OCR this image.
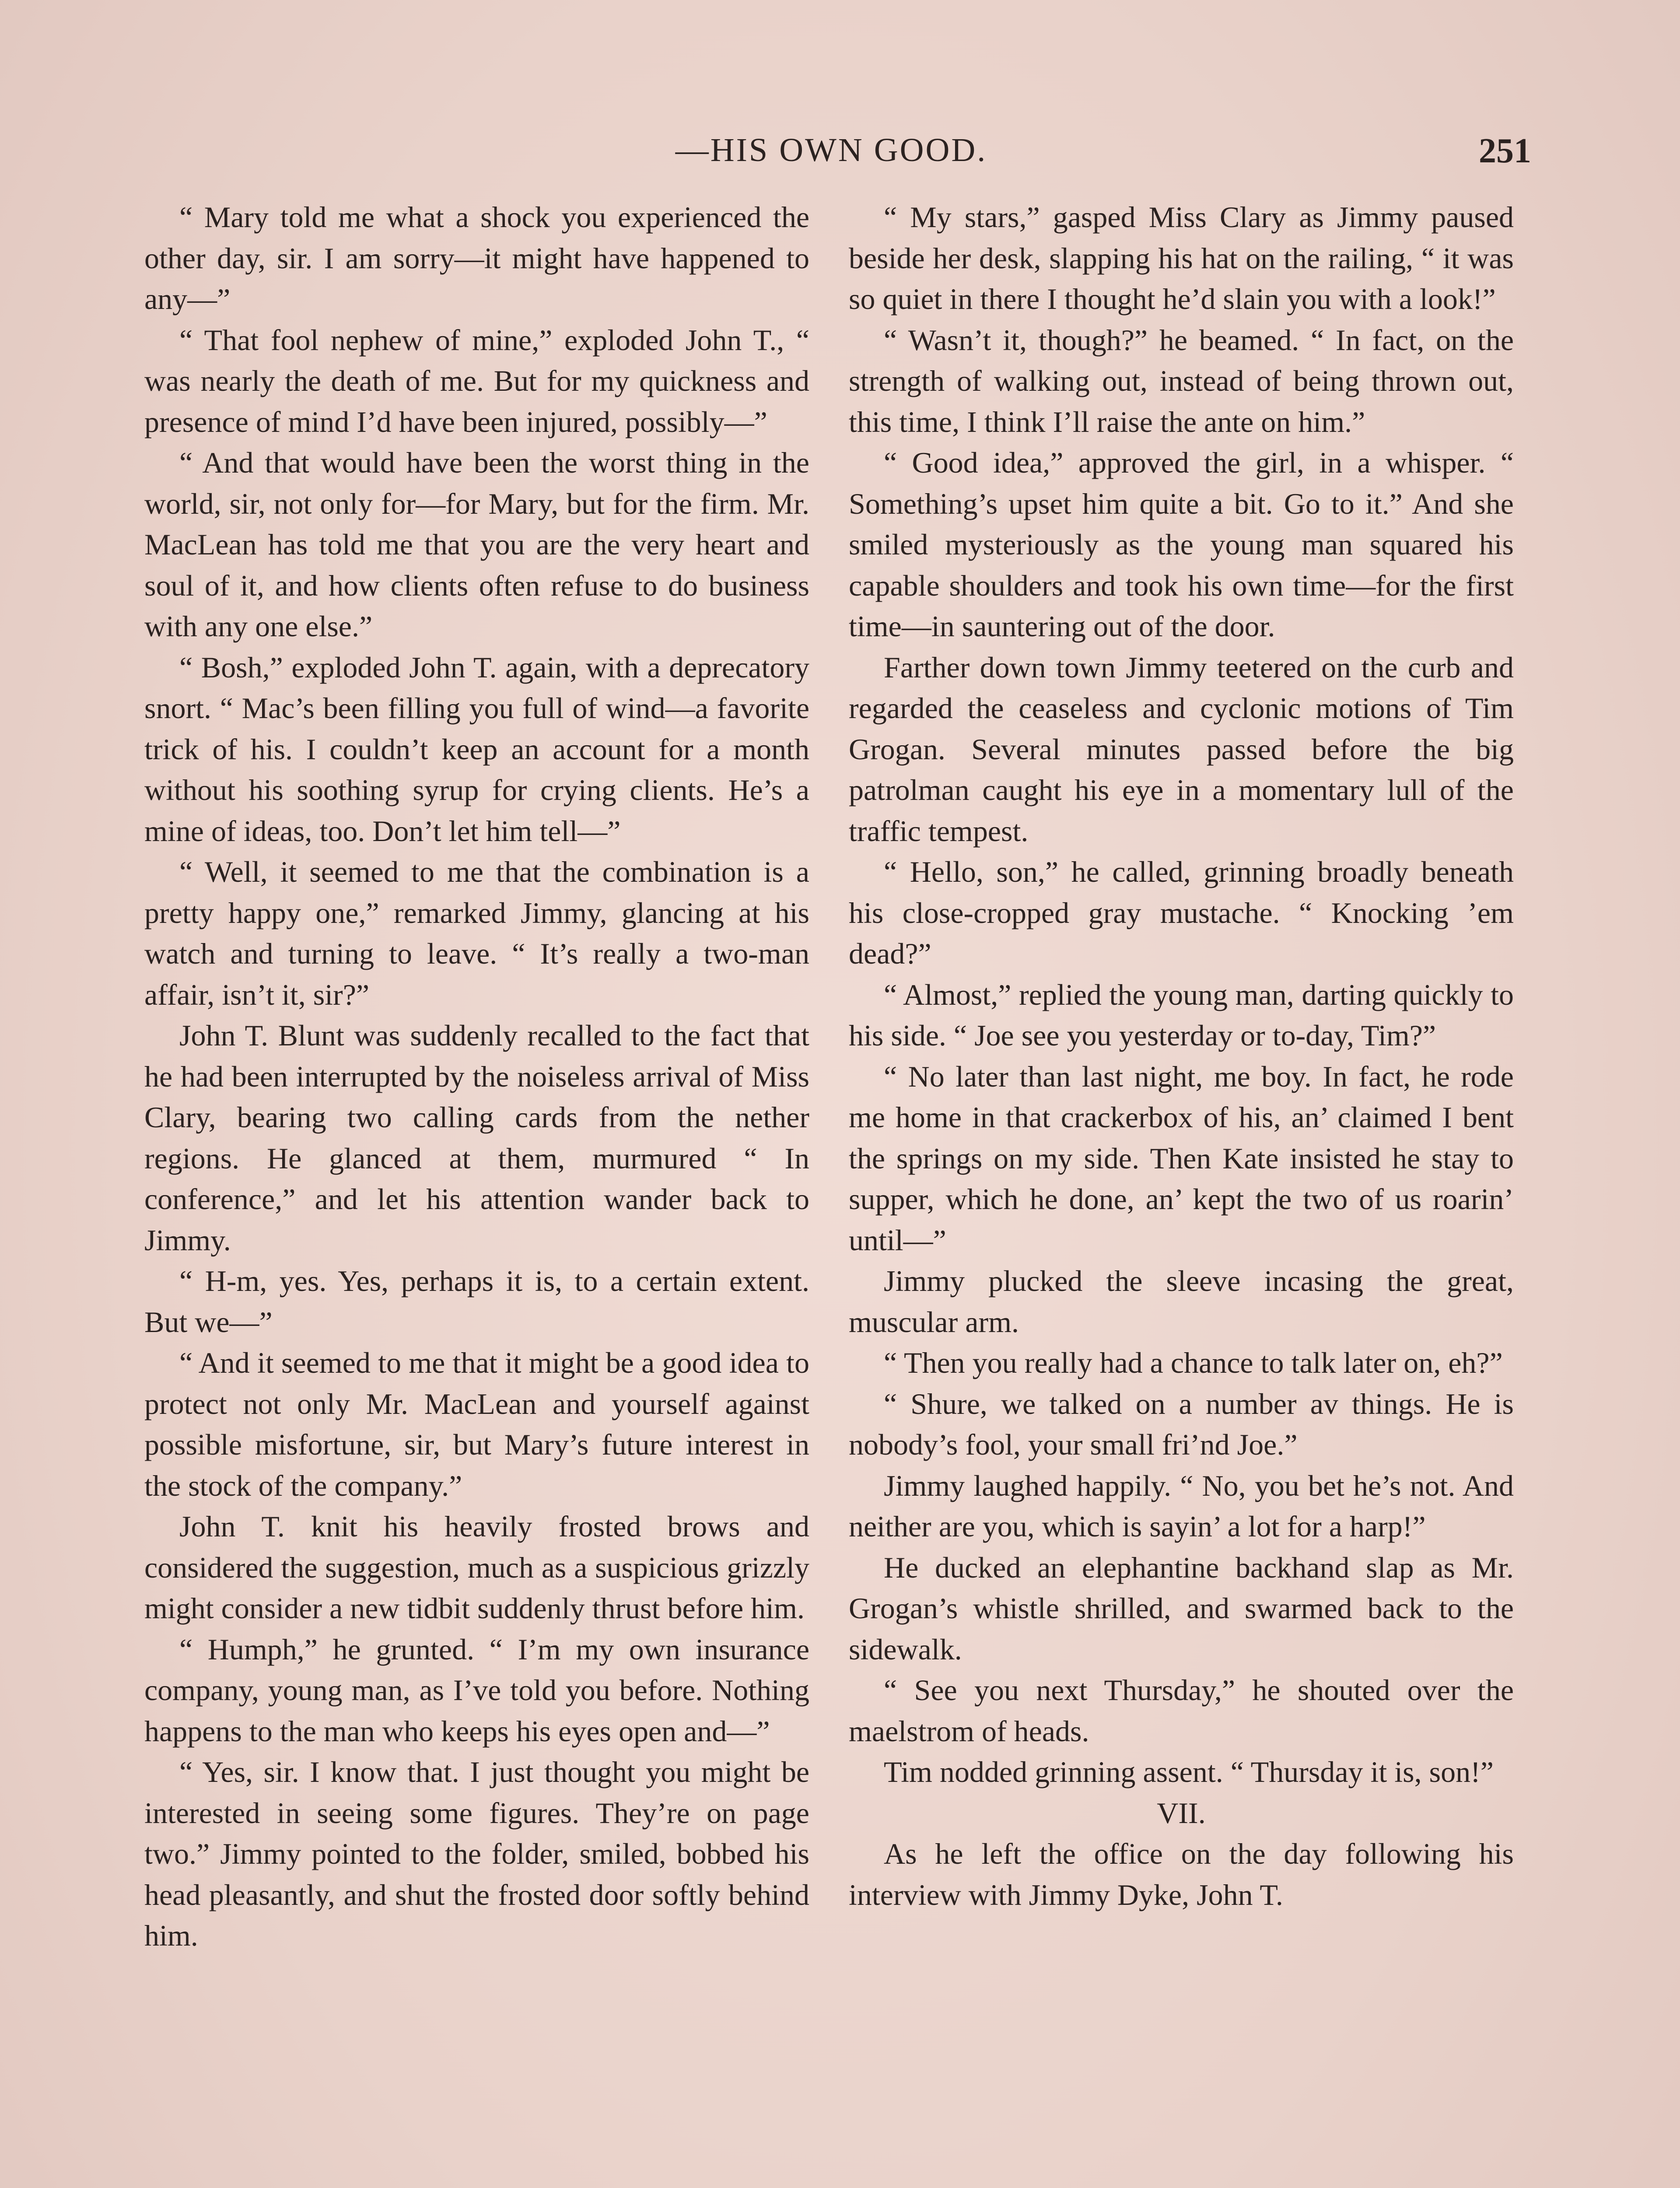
—HIS OWN GOOD.	251

“ Mary told me what a shock you experienced the other day, sir. I am sorry—it might have happened to any—”

“ That fool nephew of mine,” exploded John T., “ was nearly the death of me. But for my quickness and presence of mind I’d have been injured, possibly—”

“ And that would have been the worst thing in the world, sir, not only for—for Mary, but for the firm. Mr. MacLean has told me that you are the very heart and soul of it, and how clients often refuse to do business with any one else.”

“ Bosh,” exploded John T. again, with a deprecatory snort. “ Mac’s been filling you full of wind—a favorite trick of his. I couldn’t keep an account for a month without his soothing syrup for crying clients. He’s a mine of ideas, too. Don’t let him tell—”

“ Well, it seemed to me that the combination is a pretty happy one,” remarked Jimmy, glancing at his watch and turning to leave. “ It’s really a two-man affair, isn’t it, sir?”

John T. Blunt was suddenly recalled to the fact that he had been interrupted by the noiseless arrival of Miss Clary, bearing two calling cards from the nether regions. He glanced at them, murmured “ In conference,” and let his attention wander back to Jimmy.

“ H-m, yes. Yes, perhaps it is, to a certain extent. But we—”

“ And it seemed to me that it might be a good idea to protect not only Mr. MacLean and yourself against possible misfortune, sir, but Mary’s future interest in the stock of the company.”

John T. knit his heavily frosted brows and considered the suggestion, much as a suspicious grizzly might consider a new tidbit suddenly thrust before him.

“ Humph,” he grunted. “ I’m my own insurance company, young man, as I’ve told you before. Nothing happens to the man who keeps his eyes open and—”

“ Yes, sir. I know that. I just thought you might be interested in seeing some figures. They’re on page two.” Jimmy pointed to the folder, smiled, bobbed his head pleasantly, and shut the frosted door softly behind him.

“ My stars,” gasped Miss Clary as Jimmy paused beside her desk, slapping his hat on the railing, “ it was so quiet in there I thought he’d slain you with a look!”

“ Wasn’t it, though?” he beamed. “ In fact, on the strength of walking out, instead of being thrown out, this time, I think I’ll raise the ante on him.”

“ Good idea,” approved the girl, in a whisper. “ Something’s upset him quite a bit. Go to it.” And she smiled mysteriously as the young man squared his capable shoulders and took his own time—for the first time—in sauntering out of the door.

Farther down town Jimmy teetered on the curb and regarded the ceaseless and cyclonic motions of Tim Grogan. Several minutes passed before the big patrolman caught his eye in a momentary lull of the traffic tempest.

“ Hello, son,” he called, grinning broadly beneath his close-cropped gray mustache. “ Knocking ’em dead?”

“ Almost,” replied the young man, darting quickly to his side. “ Joe see you yesterday or to-day, Tim?”

“ No later than last night, me boy. In fact, he rode me home in that crackerbox of his, an’ claimed I bent the springs on my side. Then Kate insisted he stay to supper, which he done, an’ kept the two of us roarin’ until—”

Jimmy plucked the sleeve incasing the great, muscular arm.

“ Then you really had a chance to talk later on, eh?”

“ Shure, we talked on a number av things. He is nobody’s fool, your small fri’nd Joe.”

Jimmy laughed happily. “ No, you bet he’s not. And neither are you, which is sayin’ a lot for a harp!”

He ducked an elephantine backhand slap as Mr. Grogan’s whistle shrilled, and swarmed back to the sidewalk.

“ See you next Thursday,” he shouted over the maelstrom of heads.

Tim nodded grinning assent. “ Thursday it is, son!”

VII.

As he left the office on the day following his interview with Jimmy Dyke, John T.
